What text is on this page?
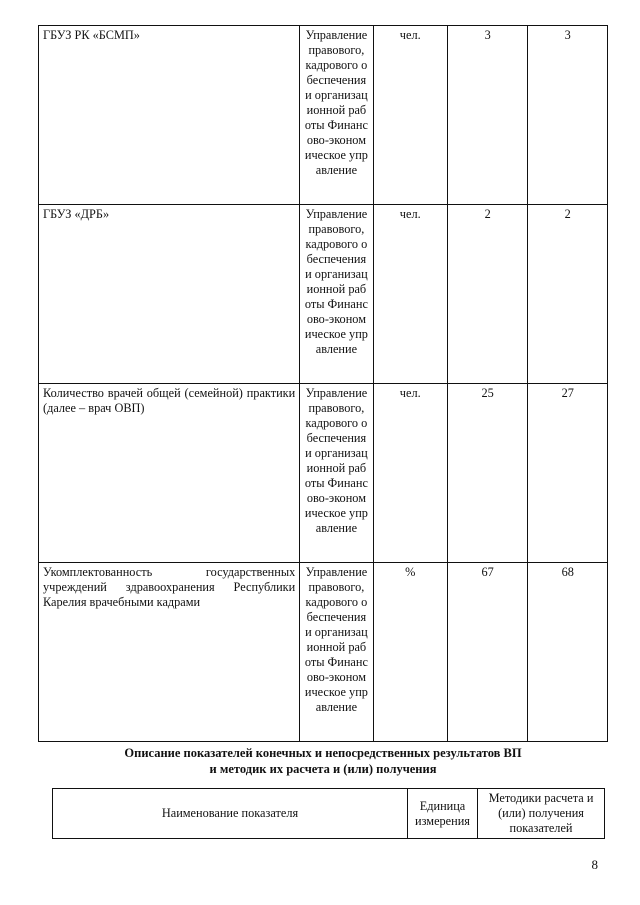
ГБУЗ РК «БСМП»	Управление правового, кадрового обеспечения и организационной работы Финансово-экономическое управление	чел.	3	3
ГБУЗ «ДРБ»	Управление правового, кадрового обеспечения и организационной работы Финансово-экономическое управление	чел.	2	2
Количество врачей общей (семейной) практики (далее – врач ОВП)	Управление правового, кадрового обеспечения и организационной работы Финансово-экономическое управление	чел.	25	27
Укомплектованность государственных учреждений здравоохранения Республики Карелия врачебными кадрами	Управление правового, кадрового обеспечения и организационной работы Финансово-экономическое управление	%	67	68
Описание показателей конечных и непосредственных результатов ВП
и методик их расчета и (или) получения
Наименование показателя	Единица измерения	Методики расчета и (или) получения показателей
8
